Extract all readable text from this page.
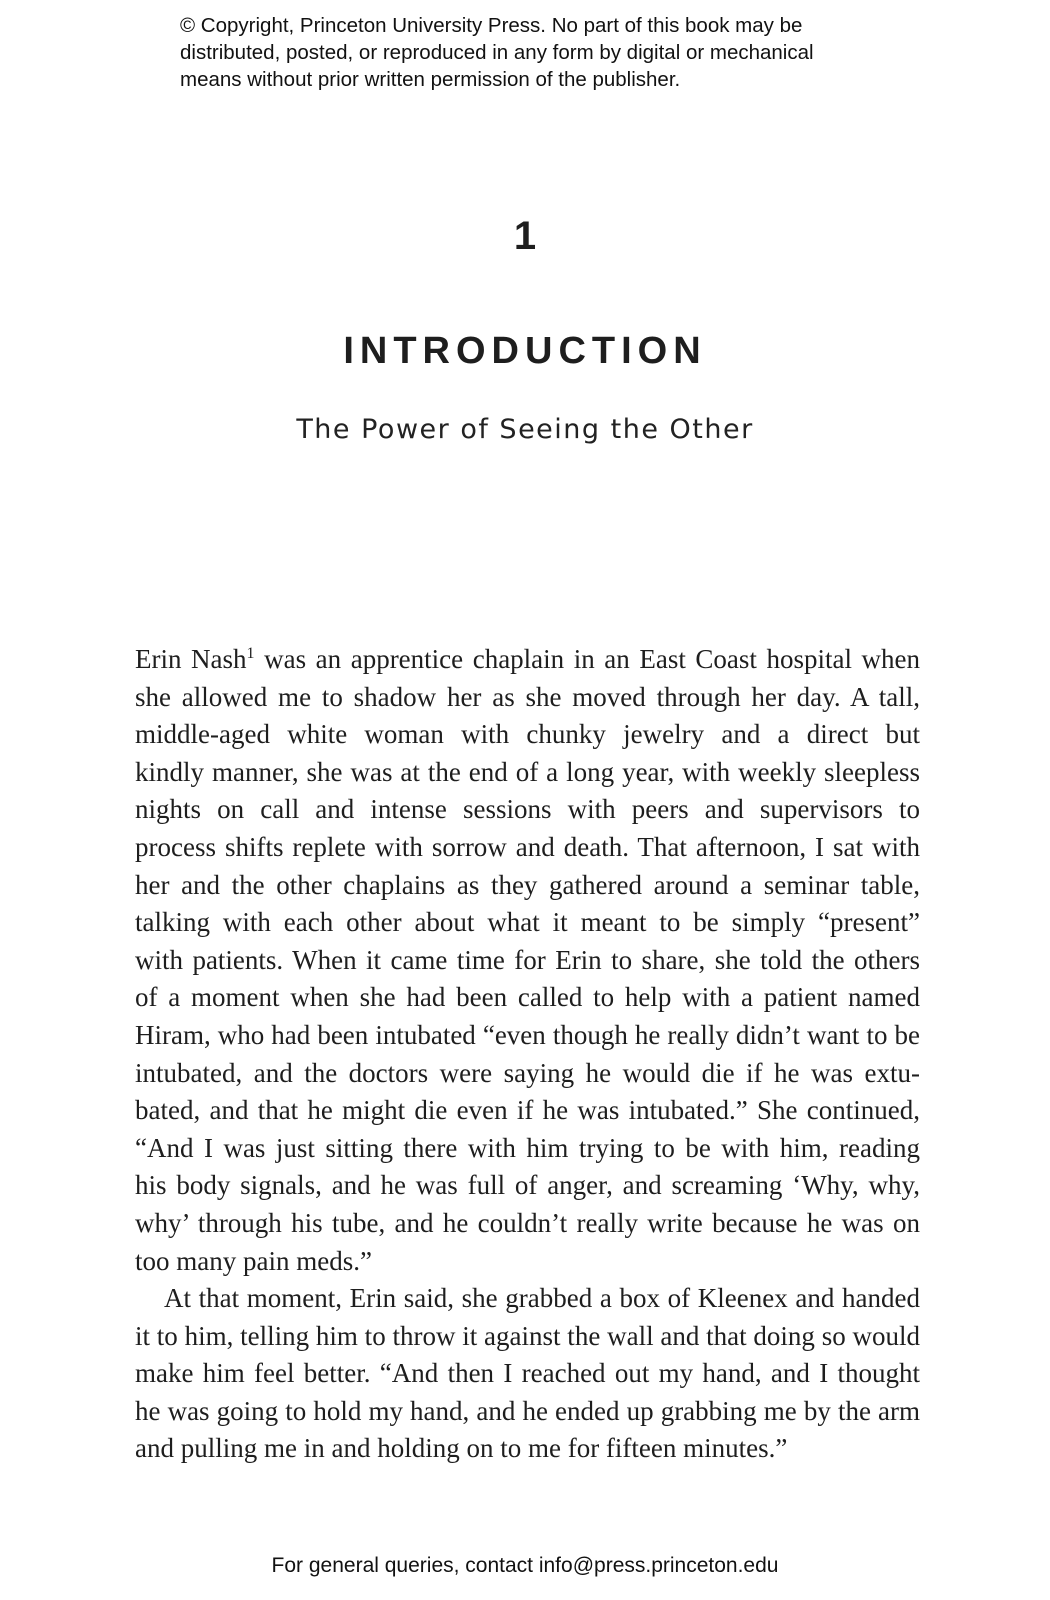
© Copyright, Princeton University Press. No part of this book may be
distributed, posted, or reproduced in any form by digital or mechanical
means without prior written permission of the publisher.
1
INTRODUCTION
The Power of Seeing the Other
Erin Nash$^1$ was an apprentice chaplain in an East Coast hospital when
she allowed me to shadow her as she moved through her day. A tall,
middle-aged white woman with chunky jewelry and a direct but
kindly manner, she was at the end of a long year, with weekly sleepless
nights on call and intense sessions with peers and supervisors to
process shifts replete with sorrow and death. That afternoon, I sat with
her and the other chaplains as they gathered around a seminar table,
talking with each other about what it meant to be simply “present”
with patients. When it came time for Erin to share, she told the others
of a moment when she had been called to help with a patient named
Hiram, who had been intubated “even though he really didn’t want to be
intubated, and the doctors were saying he would die if he was extu-
bated, and that he might die even if he was intubated.” She continued,
“And I was just sitting there with him trying to be with him, reading
his body signals, and he was full of anger, and screaming ‘Why, why,
why’ through his tube, and he couldn’t really write because he was on
too many pain meds.”
At that moment, Erin said, she grabbed a box of Kleenex and handed
it to him, telling him to throw it against the wall and that doing so would
make him feel better. “And then I reached out my hand, and I thought
he was going to hold my hand, and he ended up grabbing me by the arm
and pulling me in and holding on to me for fifteen minutes.”
For general queries, contact info@press.princeton.edu
